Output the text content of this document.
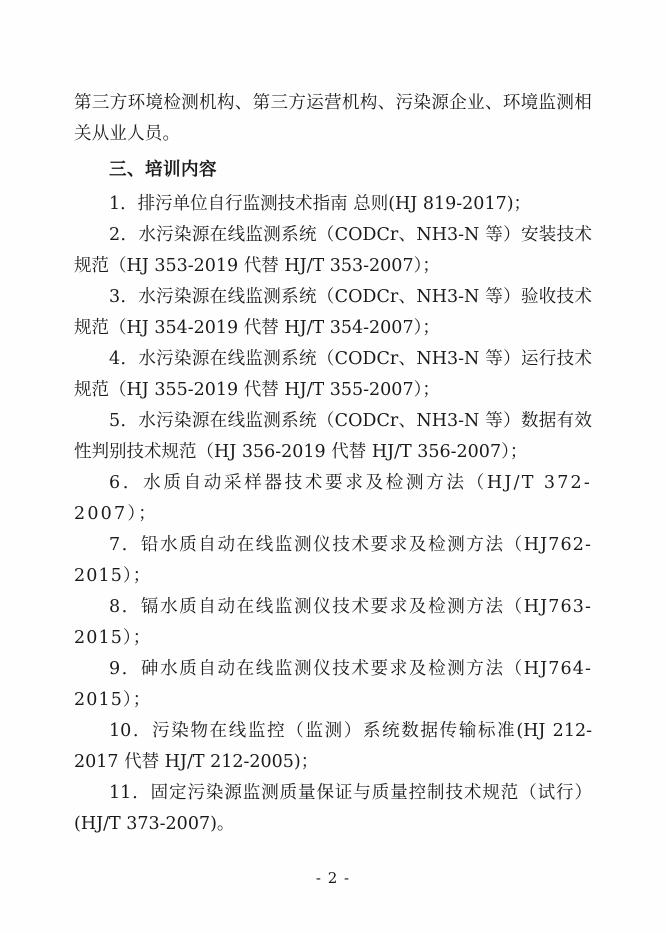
第三方环境检测机构、第三方运营机构、污染源企业、环境监测相关从业人员。

三、培训内容

1．排污单位自行监测技术指南 总则(HJ 819-2017)；

2．水污染源在线监测系统（CODCr、NH3-N 等）安装技术规范（HJ 353-2019 代替 HJ/T 353-2007）；

3．水污染源在线监测系统（CODCr、NH3-N 等）验收技术规范（HJ 354-2019 代替 HJ/T 354-2007）；

4．水污染源在线监测系统（CODCr、NH3-N 等）运行技术规范（HJ 355-2019 代替 HJ/T 355-2007）；

5．水污染源在线监测系统（CODCr、NH3-N 等）数据有效性判别技术规范（HJ 356-2019 代替 HJ/T 356-2007）；

6．水质自动采样器技术要求及检测方法（HJ/T 372-2007）；

7．铅水质自动在线监测仪技术要求及检测方法（HJ762-2015）；

8．镉水质自动在线监测仪技术要求及检测方法（HJ763-2015）；

9．砷水质自动在线监测仪技术要求及检测方法（HJ764-2015）；

10．污染物在线监控（监测）系统数据传输标准(HJ 212-2017 代替 HJ/T 212-2005)；

11．固定污染源监测质量保证与质量控制技术规范（试行）(HJ/T 373-2007)。

- 2 -
